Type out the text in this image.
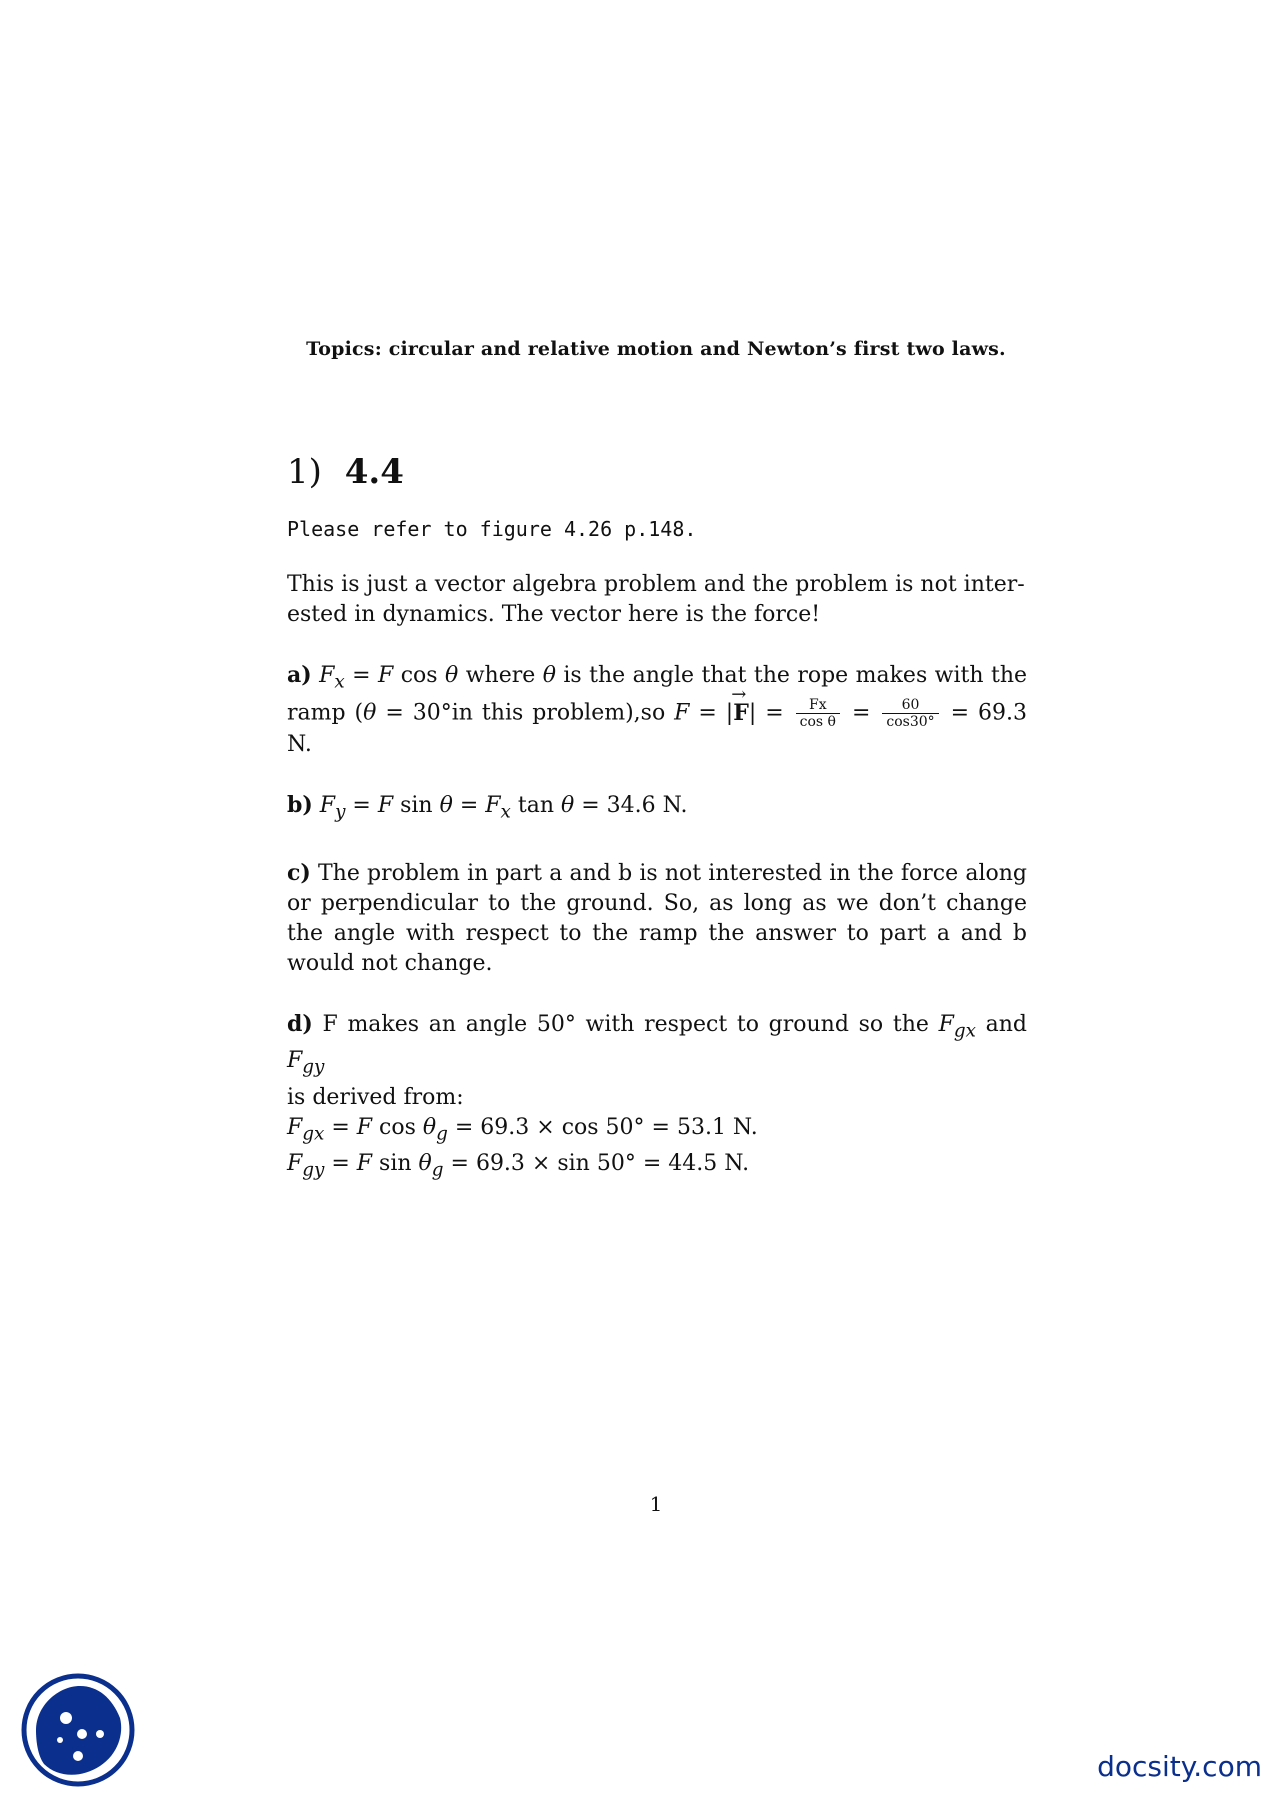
Topics: circular and relative motion and Newton’s first two laws.
1) 4.4
Please refer to figure 4.26 p.148.

This is just a vector algebra problem and the problem is not inter-
ested in dynamics. The vector here is the force!

a) $F_x = F$ cos θ where θ is the angle that the rope makes with the ramp (θ = 30°in this problem),so F = |→ $F| = \frac{Fx}{\text{cos θ}} = \frac{60}{\cos 30^\circ} = 69.3$ N.

b) $F_y = F$ $\sin \theta = F_x$ tan θ = 34.6 N.

c) The problem in part a and b is not interested in the force along or perpendicular to the ground. So, as long as we don’t change the angle with respect to the ramp the answer to part a and b would not change.

d) F makes an angle 50° with respect to ground so the $F_{gx}$ and $F_{gy}$
is derived from:
$F_{gx} = F$ $\cos \theta_g = 69.3 \times \cos 50^\circ = 53.1$ N.
$F_{gy} = F$ $\sin \theta_g = 69.3 \times \sin 50^\circ = 44.5$ N.

1
docsity.com
